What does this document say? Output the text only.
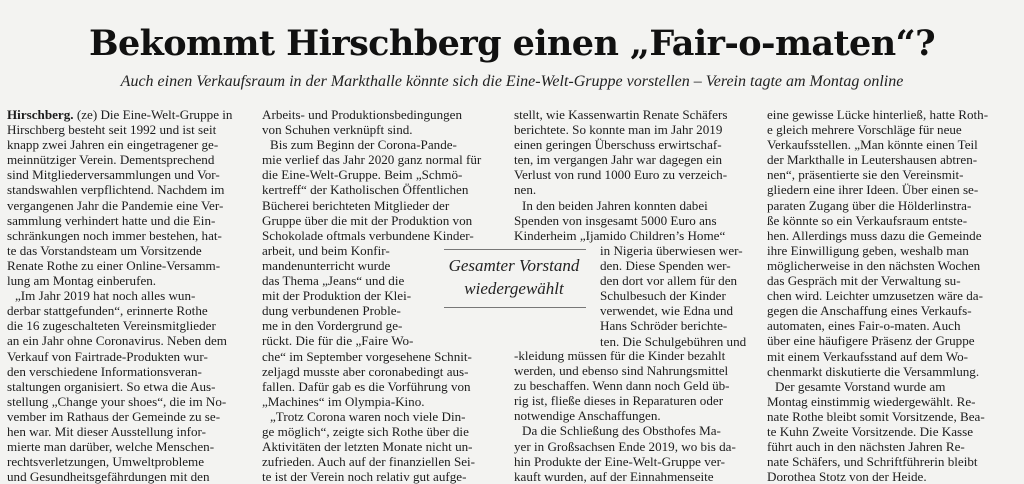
Bekommt Hirschberg einen „Fair-o-maten“?
Auch einen Verkaufsraum in der Markthalle könnte sich die Eine-Welt-Gruppe vorstellen – Verein tagte am Montag online
Hirschberg. (ze) Die Eine-Welt-Gruppe in
Hirschberg besteht seit 1992 und ist seit
knapp zwei Jahren ein eingetragener ge-
meinnütziger Verein. Dementsprechend
sind Mitgliederversammlungen und Vor-
standswahlen verpflichtend. Nachdem im
vergangenen Jahr die Pandemie eine Ver-
sammlung verhindert hatte und die Ein-
schränkungen noch immer bestehen, hat-
te das Vorstandsteam um Vorsitzende
Renate Rothe zu einer Online-Versamm-
lung am Montag einberufen.
„Im Jahr 2019 hat noch alles wun-
derbar stattgefunden“, erinnerte Rothe
die 16 zugeschalteten Vereinsmitglieder
an ein Jahr ohne Coronavirus. Neben dem
Verkauf von Fairtrade-Produkten wur-
den verschiedene Informationsveran-
staltungen organisiert. So etwa die Aus-
stellung „Change your shoes“, die im No-
vember im Rathaus der Gemeinde zu se-
hen war. Mit dieser Ausstellung infor-
mierte man darüber, welche Menschen-
rechtsverletzungen, Umweltprobleme
und Gesundheitsgefährdungen mit den
Arbeits- und Produktionsbedingungen
von Schuhen verknüpft sind.
Bis zum Beginn der Corona-Pande-
mie verlief das Jahr 2020 ganz normal für
die Eine-Welt-Gruppe. Beim „Schmö-
kertreff“ der Katholischen Öffentlichen
Bücherei berichteten Mitglieder der
Gruppe über die mit der Produktion von
Schokolade oftmals verbundene Kinder-
arbeit, und beim Konfir-
mandenunterricht wurde
das Thema „Jeans“ und die
mit der Produktion der Klei-
dung verbundenen Proble-
me in den Vordergrund ge-
rückt. Die für die „Faire Wo-
che“ im September vorgesehene Schnit-
zeljagd musste aber coronabedingt aus-
fallen. Dafür gab es die Vorführung von
„Machines“ im Olympia-Kino.
„Trotz Corona waren noch viele Din-
ge möglich“, zeigte sich Rothe über die
Aktivitäten der letzten Monate nicht un-
zufrieden. Auch auf der finanziellen Sei-
te ist der Verein noch relativ gut aufge-
Gesamter Vorstand
wiedergewählt
stellt, wie Kassenwartin Renate Schäfers
berichtete. So konnte man im Jahr 2019
einen geringen Überschuss erwirtschaf-
ten, im vergangen Jahr war dagegen ein
Verlust von rund 1000 Euro zu verzeich-
nen.
In den beiden Jahren konnten dabei
Spenden von insgesamt 5000 Euro ans
Kinderheim „Ijamido Children’s Home“
in Nigeria überwiesen wer-
den. Diese Spenden wer-
den dort vor allem für den
Schulbesuch der Kinder
verwendet, wie Edna und
Hans Schröder berichte-
ten. Die Schulgebühren und
-kleidung müssen für die Kinder bezahlt
werden, und ebenso sind Nahrungsmittel
zu beschaffen. Wenn dann noch Geld üb-
rig ist, fließe dieses in Reparaturen oder
notwendige Anschaffungen.
Da die Schließung des Obsthofes Ma-
yer in Großsachsen Ende 2019, wo bis da-
hin Produkte der Eine-Welt-Gruppe ver-
kauft wurden, auf der Einnahmenseite
eine gewisse Lücke hinterließ, hatte Roth-
e gleich mehrere Vorschläge für neue
Verkaufsstellen. „Man könnte einen Teil
der Markthalle in Leutershausen abtren-
nen“, präsentierte sie den Vereinsmit-
gliedern eine ihrer Ideen. Über einen se-
paraten Zugang über die Hölderlinstra-
ße könnte so ein Verkaufsraum entste-
hen. Allerdings muss dazu die Gemeinde
ihre Einwilligung geben, weshalb man
möglicherweise in den nächsten Wochen
das Gespräch mit der Verwaltung su-
chen wird. Leichter umzusetzen wäre da-
gegen die Anschaffung eines Verkaufs-
automaten, eines Fair-o-maten. Auch
über eine häufigere Präsenz der Gruppe
mit einem Verkaufsstand auf dem Wo-
chenmarkt diskutierte die Versammlung.
Der gesamte Vorstand wurde am
Montag einstimmig wiedergewählt. Re-
nate Rothe bleibt somit Vorsitzende, Bea-
te Kuhn Zweite Vorsitzende. Die Kasse
führt auch in den nächsten Jahren Re-
nate Schäfers, und Schriftführerin bleibt
Dorothea Stotz von der Heide.
